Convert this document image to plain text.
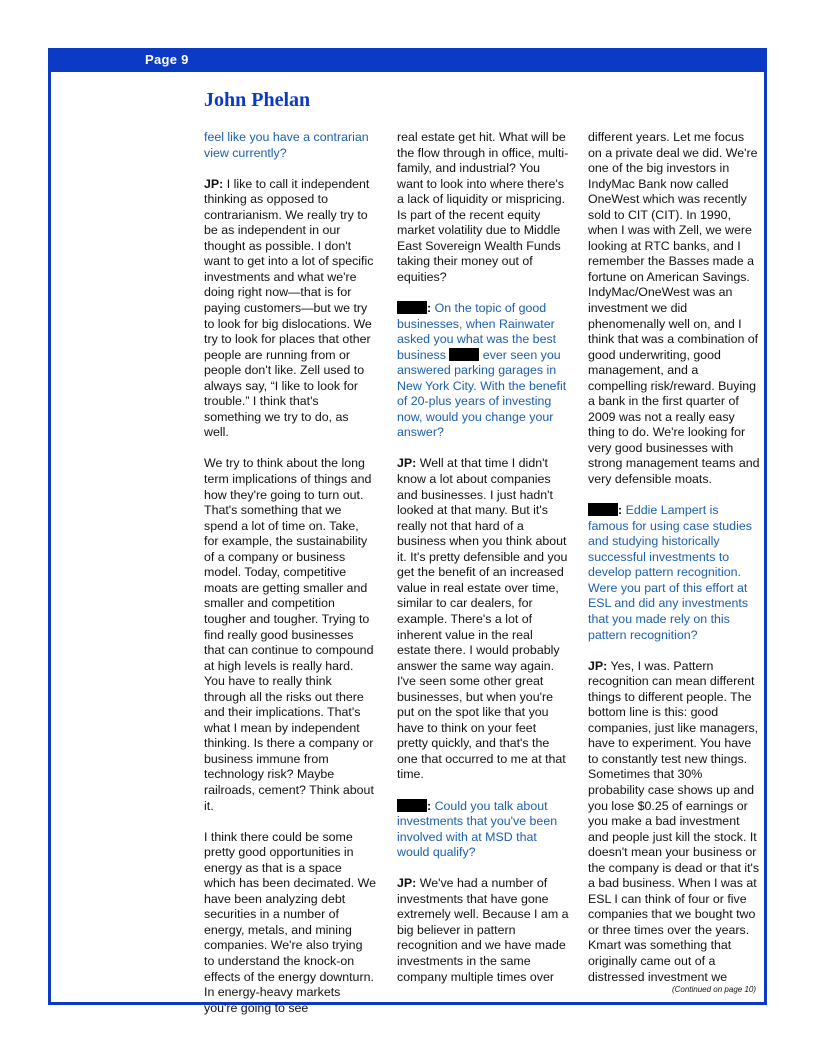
Page 9
John Phelan

feel like you have a contrarian view currently?

JP: I like to call it independent thinking as opposed to contrarianism. We really try to be as independent in our thought as possible. I don't want to get into a lot of specific investments and what we're doing right now—that is for paying customers—but we try to look for big dislocations. We try to look for places that other people are running from or people don't like. Zell used to always say, “I like to look for trouble.” I think that's something we try to do, as well.

We try to think about the long term implications of things and how they're going to turn out. That's something that we spend a lot of time on. Take, for example, the sustainability of a company or business model. Today, competitive moats are getting smaller and smaller and competition tougher and tougher. Trying to find really good businesses that can continue to compound at high levels is really hard. You have to really think through all the risks out there and their implications. That's what I mean by independent thinking. Is there a company or business immune from technology risk? Maybe railroads, cement? Think about it.

I think there could be some pretty good opportunities in energy as that is a space which has been decimated. We have been analyzing debt securities in a number of energy, metals, and mining companies. We're also trying to understand the knock-on effects of the energy downturn. In energy-heavy markets you're going to see

real estate get hit. What will be the flow through in office, multi-family, and industrial? You want to look into where there's a lack of liquidity or mispricing. Is part of the recent equity market volatility due to Middle East Sovereign Wealth Funds taking their money out of equities?

: On the topic of good businesses, when Rainwater asked you what was the best business  ever seen you answered parking garages in New York City. With the benefit of 20-plus years of investing now, would you change your answer?

JP: Well at that time I didn't know a lot about companies and businesses. I just hadn't looked at that many. But it's really not that hard of a business when you think about it. It's pretty defensible and you get the benefit of an increased value in real estate over time, similar to car dealers, for example. There's a lot of inherent value in the real estate there. I would probably answer the same way again. I've seen some other great businesses, but when you're put on the spot like that you have to think on your feet pretty quickly, and that's the one that occurred to me at that time.

: Could you talk about investments that you've been involved with at MSD that would qualify?

JP: We've had a number of investments that have gone extremely well. Because I am a big believer in pattern recognition and we have made investments in the same company multiple times over

different years. Let me focus on a private deal we did. We're one of the big investors in IndyMac Bank now called OneWest which was recently sold to CIT (CIT). In 1990, when I was with Zell, we were looking at RTC banks, and I remember the Basses made a fortune on American Savings. IndyMac/OneWest was an investment we did phenomenally well on, and I think that was a combination of good underwriting, good management, and a compelling risk/reward. Buying a bank in the first quarter of 2009 was not a really easy thing to do. We're looking for very good businesses with strong management teams and very defensible moats.

: Eddie Lampert is famous for using case studies and studying historically successful investments to develop pattern recognition. Were you part of this effort at ESL and did any investments that you made rely on this pattern recognition?

JP: Yes, I was. Pattern recognition can mean different things to different people. The bottom line is this: good companies, just like managers, have to experiment. You have to constantly test new things. Sometimes that 30% probability case shows up and you lose $0.25 of earnings or you make a bad investment and people just kill the stock. It doesn't mean your business or the company is dead or that it's a bad business. When I was at ESL I can think of four or five companies that we bought two or three times over the years. Kmart was something that originally came out of a distressed investment we

(Continued on page 10)
